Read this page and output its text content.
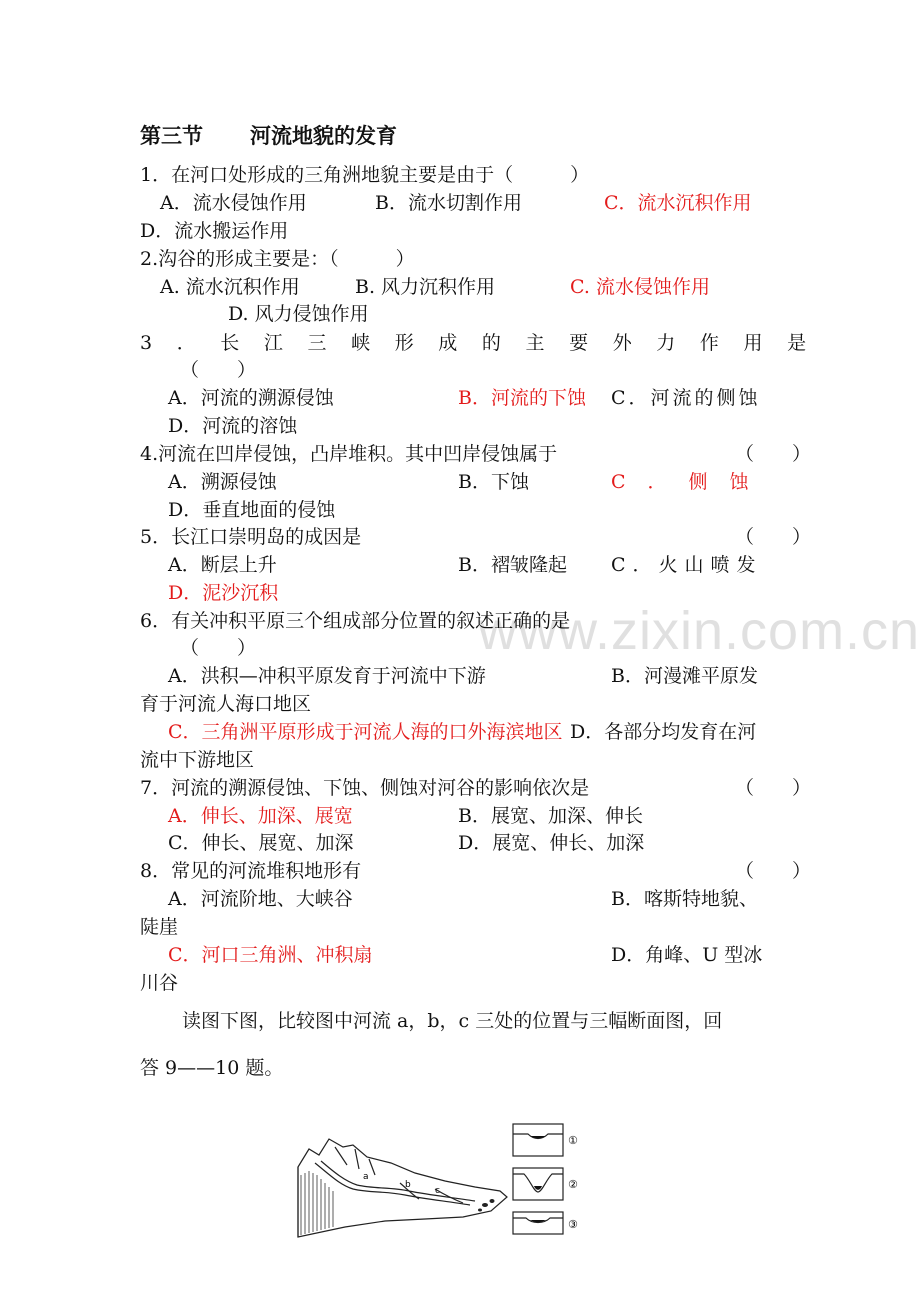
www.zixin.com.cn
第三节 河流地貌的发育
1．在河口处形成的三角洲地貌主要是由于（　　　）
A．流水侵蚀作用	B．流水切割作用	C．流水沉积作用
D．流水搬运作用
2.沟谷的形成主要是：（　　　）
A. 流水沉积作用	B. 风力沉积作用	C. 流水侵蚀作用
D. 风力侵蚀作用
3．长江三峡形成的主要外力作用是
（　　）
A．河流的溯源侵蚀	B．河流的下蚀 C．河流的侧蚀
D．河流的溶蚀
4.河流在凹岸侵蚀，凸岸堆积。其中凹岸侵蚀属于	（　　）
A．溯源侵蚀	B．下蚀	C．侧蚀
D．垂直地面的侵蚀
5．长江口崇明岛的成因是	（　　）
A．断层上升	B．褶皱隆起 C．火山喷发
D．泥沙沉积
6．有关冲积平原三个组成部分位置的叙述正确的是
（　　）
A．洪积—冲积平原发育于河流中下游	B．河漫滩平原发
育于河流人海口地区
C．三角洲平原形成于河流人海的口外海滨地区 D．各部分均发育在河
流中下游地区
7．河流的溯源侵蚀、下蚀、侧蚀对河谷的影响依次是	（　　）
A．伸长、加深、展宽	B．展宽、加深、伸长
C．伸长、展宽、加深	D．展宽、伸长、加深
8．常见的河流堆积地形有	（　　）
A．河流阶地、大峡谷	B．喀斯特地貌、
陡崖
C．河口三角洲、冲积扇	D．角峰、U 型冰
川谷
读图下图，比较图中河流 a，b，c 三处的位置与三幅断面图，回
答 9——10 题。
a
b
c
①
②
③
